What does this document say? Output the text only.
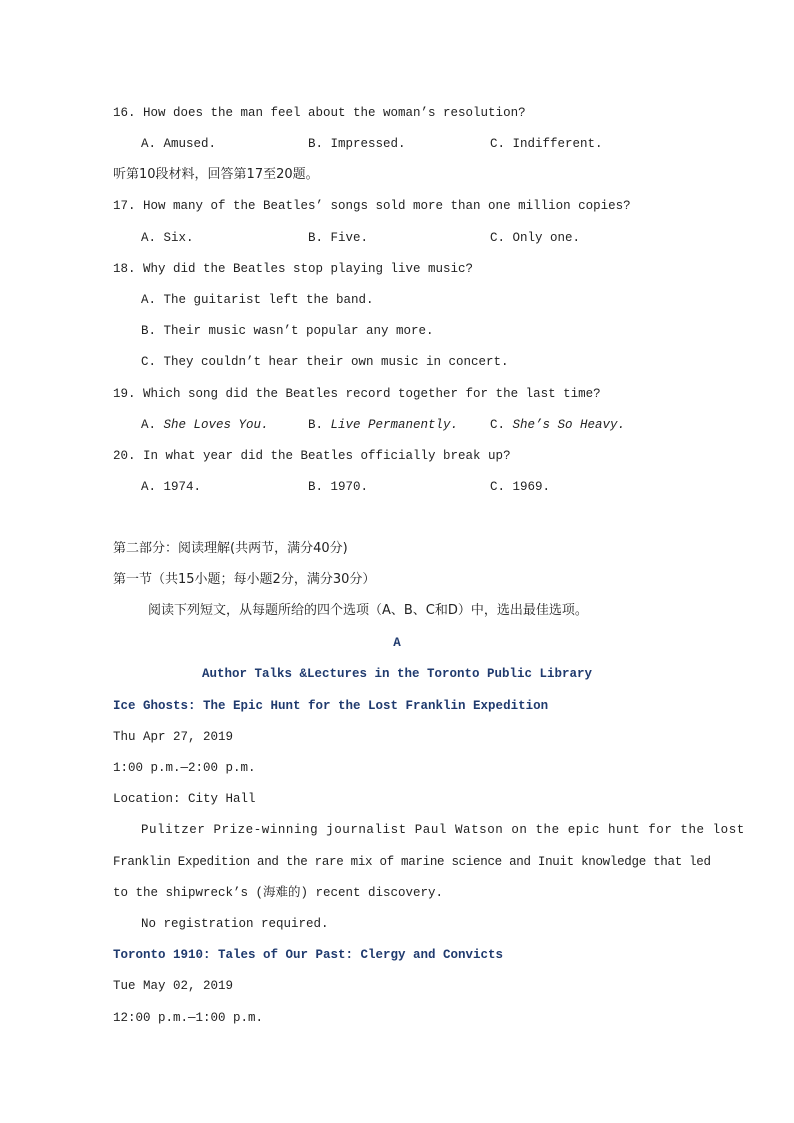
16. How does the man feel about the woman’s resolution?
A. Amused.	B. Impressed.	C. Indifferent.
听第10段材料，回答第17至20题。
17. How many of the Beatles’ songs sold more than one million copies?
A. Six.	B. Five.	C. Only one.
18. Why did the Beatles stop playing live music?
A. The guitarist left the band.
B. Their music wasn’t popular any more.
C. They couldn’t hear their own music in concert.
19. Which song did the Beatles record together for the last time?
A. She Loves You.	B. Live Permanently.	C. She’s So Heavy.
20. In what year did the Beatles officially break up?
A. 1974.	B. 1970.	C. 1969.
第二部分：阅读理解(共两节，满分40分)
第一节（共15小题；每小题2分，满分30分）
阅读下列短文，从每题所给的四个选项（A、B、C和D）中，选出最佳选项。
A
Author Talks &Lectures in the Toronto Public Library
Ice Ghosts: The Epic Hunt for the Lost Franklin Expedition
Thu Apr 27, 2019
1:00 p.m.—2:00 p.m.
Location: City Hall
Pulitzer Prize-winning journalist Paul Watson on the epic hunt for the lost
Franklin Expedition and the rare mix of marine science and Inuit knowledge that led
to the shipwreck’s (海难的) recent discovery.
No registration required.
Toronto 1910: Tales of Our Past: Clergy and Convicts
Tue May 02, 2019
12:00 p.m.—1:00 p.m.
